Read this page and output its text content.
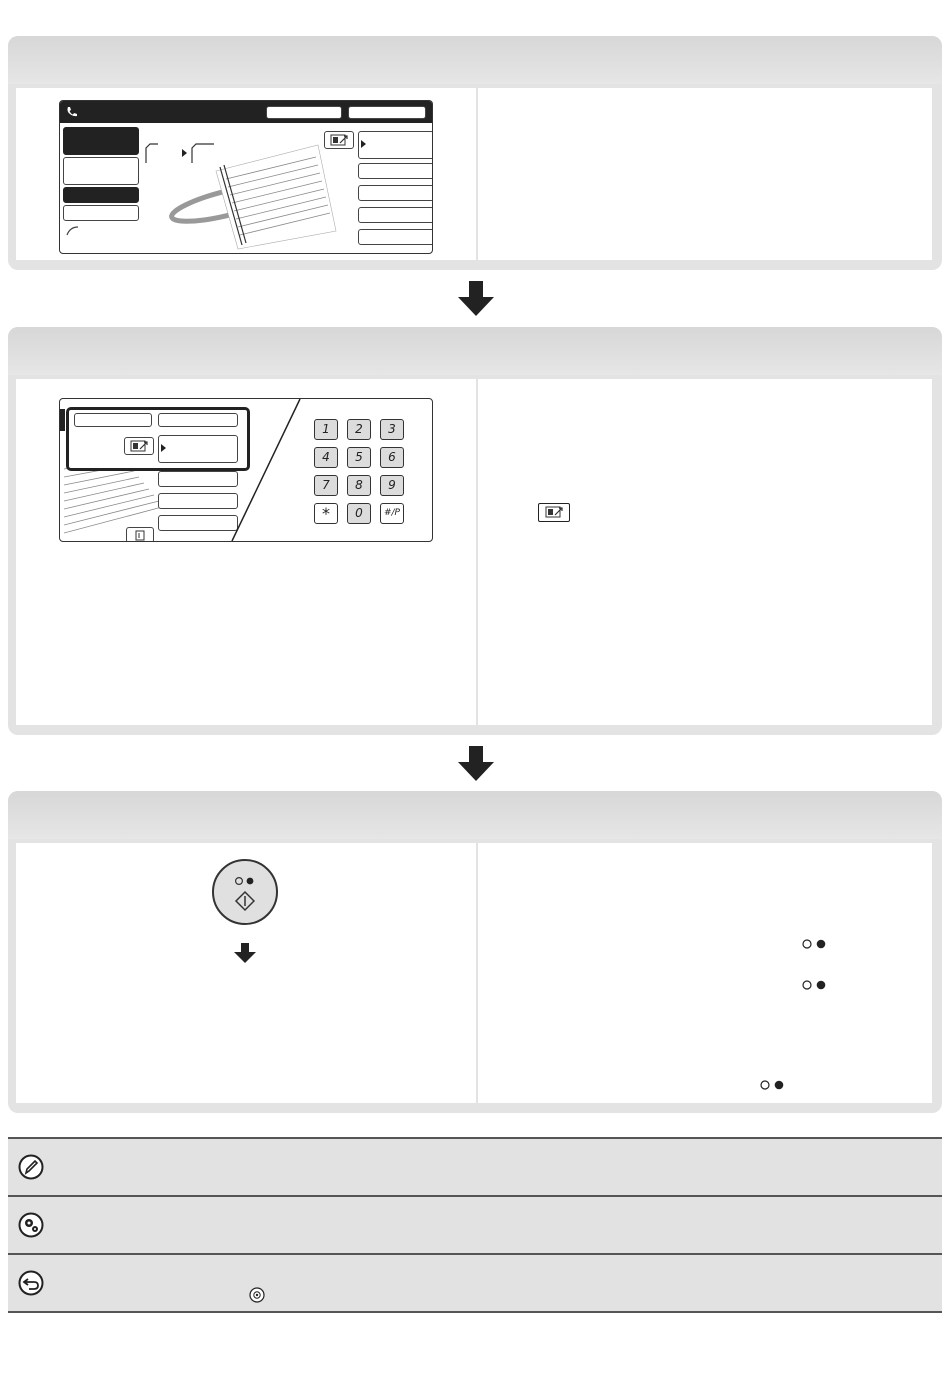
1	2	3
4	5	6
7	8	9
*	0	#/P
